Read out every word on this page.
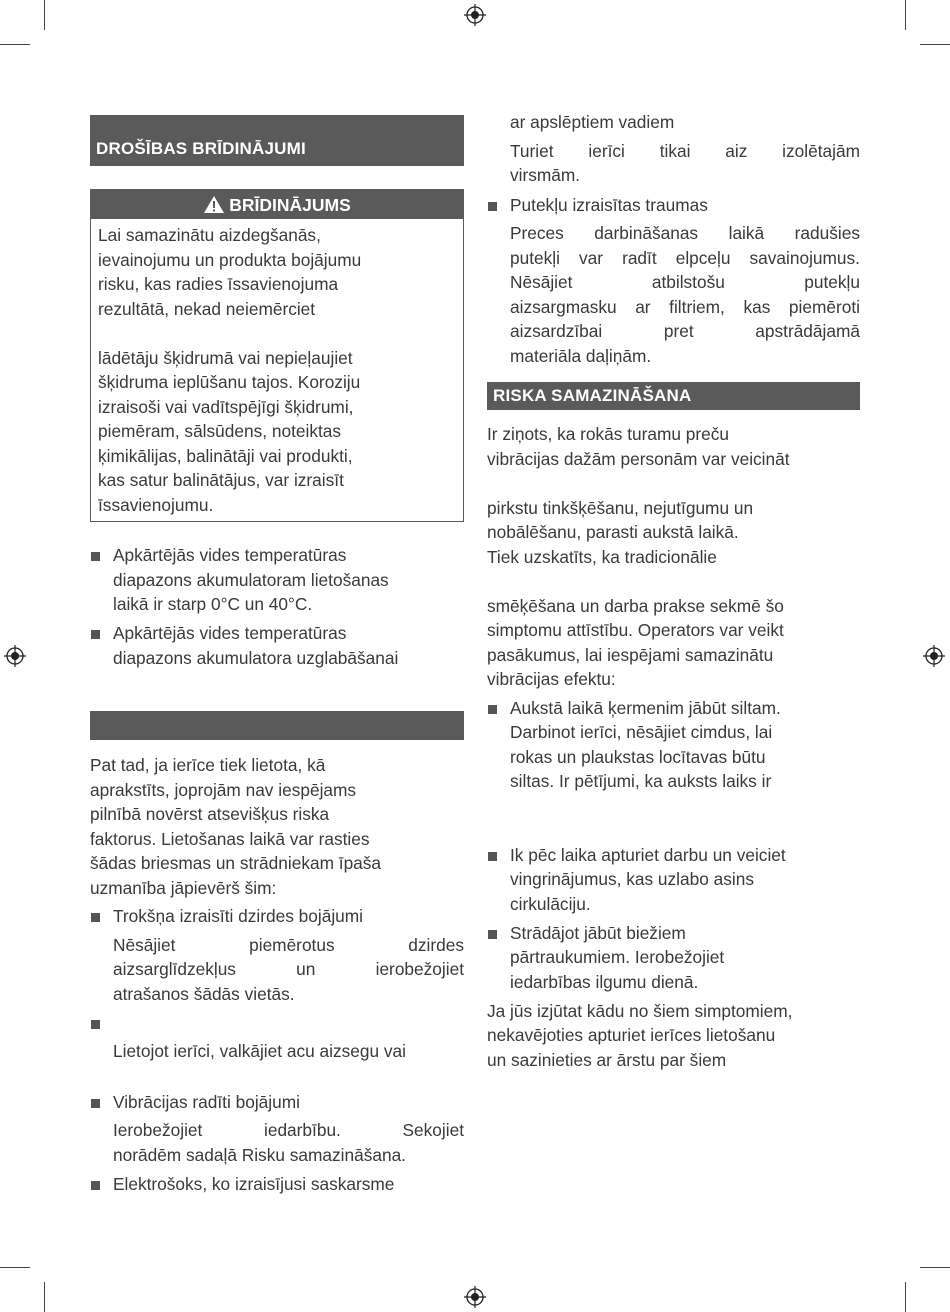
DROŠĪBAS BRĪDINĀJUMI
BRĪDINĀJUMS

Lai samazinātu aizdegšanās,

ievainojumu un produkta bojājumu

risku, kas radies īssavienojuma

rezultātā, nekad neiemērciet

lādētāju šķidrumā vai nepieļaujiet

šķidruma ieplūšanu tajos. Koroziju

izraisoši vai vadītspējīgi šķidrumi,

piemēram, sālsūdens, noteiktas

ķimikālijas, balinātāji vai produkti,

kas satur balinātājus, var izraisīt

īssavienojumu.

Apkārtējās vides temperatūras

diapazons akumulatoram lietošanas

laikā ir starp 0°C un 40°C.

Apkārtējās vides temperatūras

diapazons akumulatora uzglabāšanai

Pat tad, ja ierīce tiek lietota, kā

aprakstīts, joprojām nav iespējams

pilnībā novērst atsevišķus riska

faktorus. Lietošanas laikā var rasties

šādas briesmas un strādniekam īpaša

uzmanība jāpievērš šim:

Trokšņa izraisīti dzirdes bojājumi

Nēsājiet piemērotus dzirdes

aizsarglīdzekļus un ierobežojiet

atrašanos šādās vietās.

Lietojot ierīci, valkājiet acu aizsegu vai

Vibrācijas radīti bojājumi

Ierobežojiet iedarbību. Sekojiet

norādēm sadaļā Risku samazināšana.

Elektrošoks, ko izraisījusi saskarsme

ar apslēptiem vadiem

Turiet ierīci tikai aiz izolētajām

virsmām.

Putekļu izraisītas traumas

Preces darbināšanas laikā radušies

putekļi var radīt elpceļu savainojumus.

Nēsājiet atbilstošu putekļu

aizsargmasku ar filtriem, kas piemēroti

aizsardzībai pret apstrādājamā

materiāla daļiņām.

RISKA SAMAZINĀŠANA

Ir ziņots, ka rokās turamu preču

vibrācijas dažām personām var veicināt

pirkstu tinkšķēšanu, nejutīgumu un

nobālēšanu, parasti aukstā laikā.

Tiek uzskatīts, ka tradicionālie

smēķēšana un darba prakse sekmē šo

simptomu attīstību. Operators var veikt

pasākumus, lai iespējami samazinātu

vibrācijas efektu:

Aukstā laikā ķermenim jābūt siltam.

Darbinot ierīci, nēsājiet cimdus, lai

rokas un plaukstas locītavas būtu

siltas. Ir pētījumi, ka auksts laiks ir

Ik pēc laika apturiet darbu un veiciet

vingrinājumus, kas uzlabo asins

cirkulāciju.

Strādājot jābūt biežiem

pārtraukumiem. Ierobežojiet

iedarbības ilgumu dienā.

Ja jūs izjūtat kādu no šiem simptomiem,

nekavējoties apturiet ierīces lietošanu

un sazinieties ar ārstu par šiem
